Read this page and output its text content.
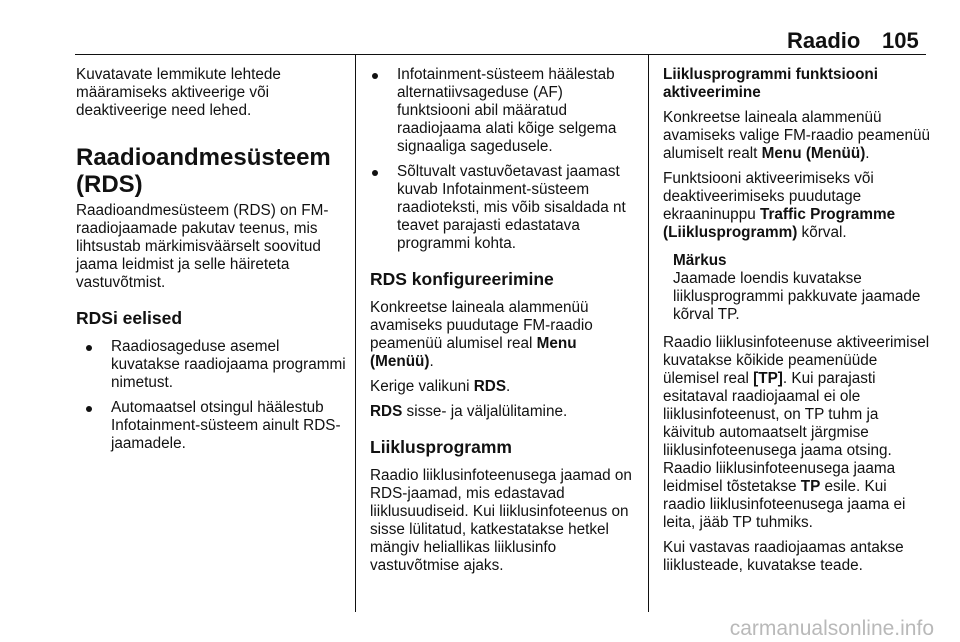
Raadio 105

Kuvatavate lemmikute lehtede määramiseks aktiveerige või deaktiveerige need lehed.

Raadioandmesüsteem (RDS)

Raadioandmesüsteem (RDS) on FM-raadiojaamade pakutav teenus, mis lihtsustab märkimisväärselt soovitud jaama leidmist ja selle häireteta vastuvõtmist.

RDSi eelised
Raadiosageduse asemel kuvatakse raadiojaama programmi nimetust.
Automaatsel otsingul häälestub Infotainment-süsteem ainult RDS-jaamadele.
Infotainment-süsteem häälestab alternatiivsageduse (AF) funktsiooni abil määratud raadiojaama alati kõige selgema signaaliga sagedusele.
Sõltuvalt vastuvõetavast jaamast kuvab Infotainment-süsteem raadioteksti, mis võib sisaldada nt teavet parajasti edastatava programmi kohta.
RDS konfigureerimine

Konkreetse laineala alammenüü avamiseks puudutage FM-raadio peamenüü alumisel real Menu (Menüü).

Kerige valikuni RDS.

RDS sisse- ja väljalülitamine.

Liiklusprogramm

Raadio liiklusinfoteenusega jaamad on RDS-jaamad, mis edastavad liiklusuudiseid. Kui liiklusinfoteenus on sisse lülitatud, katkestatakse hetkel mängiv heliallikas liiklusinfo vastuvõtmise ajaks.

Liiklusprogrammi funktsiooni aktiveerimine

Konkreetse laineala alammenüü avamiseks valige FM-raadio peamenüü alumiselt realt Menu (Menüü).

Funktsiooni aktiveerimiseks või deaktiveerimiseks puudutage ekraaninuppu Traffic Programme (Liiklusprogramm) kõrval.

Märkus
Jaamade loendis kuvatakse liiklusprogrammi pakkuvate jaamade kõrval TP.

Raadio liiklusinfoteenuse aktiveerimisel kuvatakse kõikide peamenüüde ülemisel real [TP]. Kui parajasti esitataval raadiojaamal ei ole liiklusinfoteenust, on TP tuhm ja käivitub automaatselt järgmise liiklusinfoteenusega jaama otsing. Raadio liiklusinfoteenusega jaama leidmisel tõstetakse TP esile. Kui raadio liiklusinfoteenusega jaama ei leita, jääb TP tuhmiks.

Kui vastavas raadiojaamas antakse liiklusteade, kuvatakse teade.

carmanualsonline.info
